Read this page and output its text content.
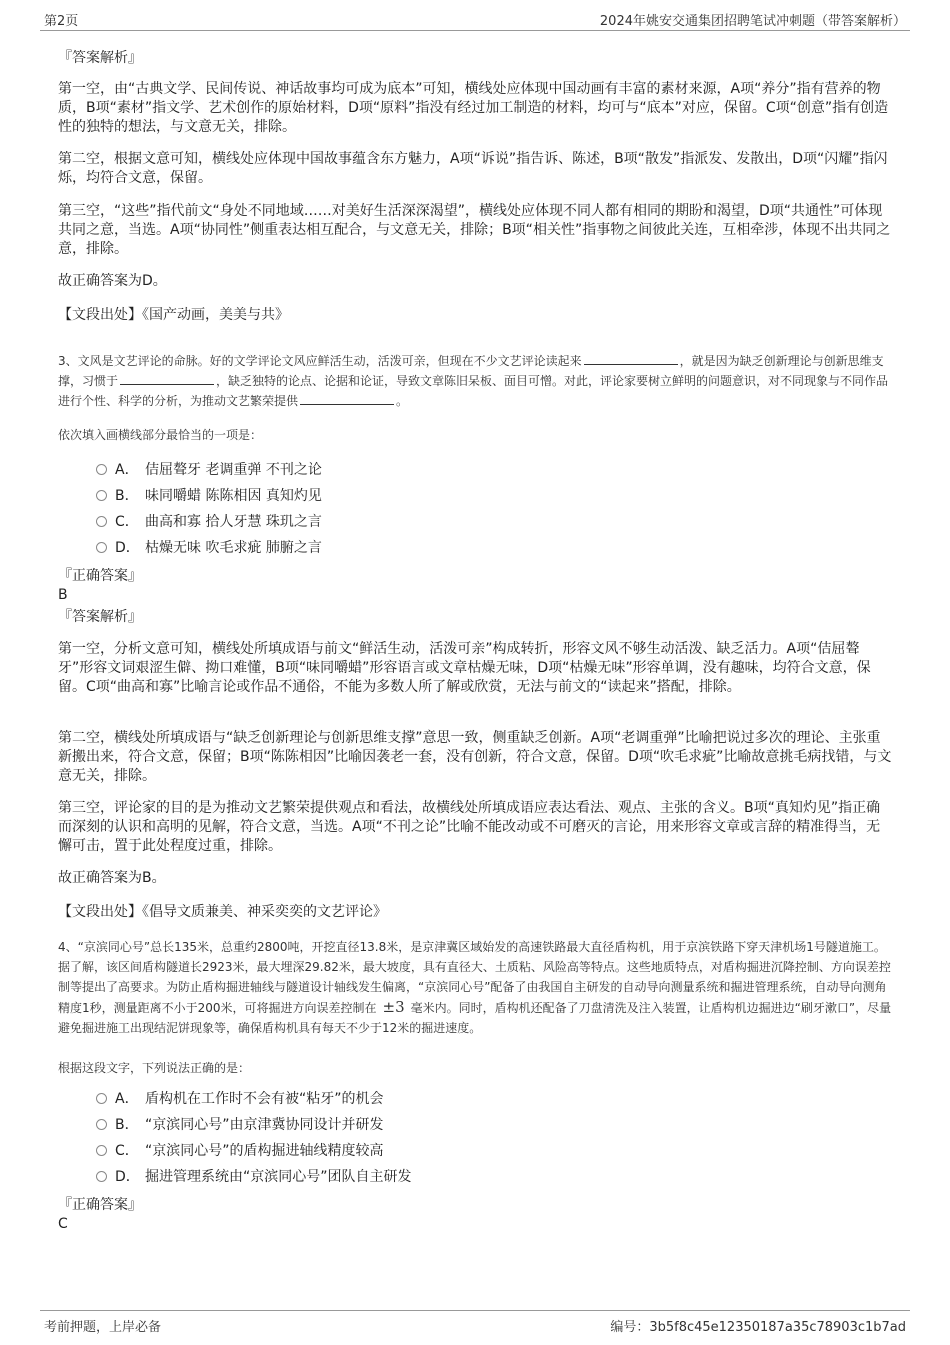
第2页	2024年姚安交通集团招聘笔试冲刺题（带答案解析）
『答案解析』

第一空，由“古典文学、民间传说、神话故事均可成为底本”可知，横线处应体现中国动画有丰富的素材来源，A项“养分”指有营养的物质，B项“素材”指文学、艺术创作的原始材料，D项“原料”指没有经过加工制造的材料，均可与“底本”对应，保留。C项“创意”指有创造性的独特的想法，与文意无关，排除。

第二空，根据文意可知，横线处应体现中国故事蕴含东方魅力，A项“诉说”指告诉、陈述，B项“散发”指派发、发散出，D项“闪耀”指闪烁，均符合文意，保留。

第三空，“这些”指代前文“身处不同地域……对美好生活深深渴望”，横线处应体现不同人都有相同的期盼和渴望，D项“共通性”可体现共同之意，当选。A项“协同性”侧重表达相互配合，与文意无关，排除；B项“相关性”指事物之间彼此关连，互相牵涉，体现不出共同之意，排除。

故正确答案为D。

【文段出处】《国产动画，美美与共》

3、文风是文艺评论的命脉。好的文学评论文风应鲜活生动，活泼可亲，但现在不少文艺评论读起来	，就是因为缺乏创新理论与创新思维支撑，习惯于	，缺乏独特的论点、论据和论证，导致文章陈旧呆板、面目可憎。对此，评论家要树立鲜明的问题意识，对不同现象与不同作品进行个性、科学的分析，为推动文艺繁荣提供	。

依次填入画横线部分最恰当的一项是：

A． 佶屈聱牙 老调重弹 不刊之论
B． 味同嚼蜡 陈陈相因 真知灼见
C． 曲高和寡 拾人牙慧 珠玑之言
D． 枯燥无味 吹毛求疵 肺腑之言
『正确答案』
B
『答案解析』

第一空，分析文意可知，横线处所填成语与前文“鲜活生动，活泼可亲”构成转折，形容文风不够生动活泼、缺乏活力。A项“佶屈聱牙”形容文词艰涩生僻、拗口难懂，B项“味同嚼蜡”形容语言或文章枯燥无味，D项“枯燥无味”形容单调，没有趣味，均符合文意，保留。C项“曲高和寡”比喻言论或作品不通俗，不能为多数人所了解或欣赏，无法与前文的“读起来”搭配，排除。

第二空，横线处所填成语与“缺乏创新理论与创新思维支撑”意思一致，侧重缺乏创新。A项“老调重弹”比喻把说过多次的理论、主张重新搬出来，符合文意，保留；B项“陈陈相因”比喻因袭老一套，没有创新，符合文意，保留。D项“吹毛求疵”比喻故意挑毛病找错，与文意无关，排除。

第三空，评论家的目的是为推动文艺繁荣提供观点和看法，故横线处所填成语应表达看法、观点、主张的含义。B项“真知灼见”指正确而深刻的认识和高明的见解，符合文意，当选。A项“不刊之论”比喻不能改动或不可磨灭的言论，用来形容文章或言辞的精准得当，无懈可击，置于此处程度过重，排除。

故正确答案为B。

【文段出处】《倡导文质兼美、神采奕奕的文艺评论》

4、“京滨同心号”总长135米，总重约2800吨，开挖直径13.8米，是京津冀区域始发的高速铁路最大直径盾构机，用于京滨铁路下穿天津机场1号隧道施工。据了解，该区间盾构隧道长2923米，最大埋深29.82米，最大坡度，具有直径大、土质粘、风险高等特点。这些地质特点，对盾构掘进沉降控制、方向误差控制等提出了高要求。为防止盾构掘进轴线与隧道设计轴线发生偏离，“京滨同心号”配备了由我国自主研发的自动导向测量系统和掘进管理系统，自动导向测角精度1秒，测量距离不小于200米，可将掘进方向误差控制在 ±3 毫米内。同时，盾构机还配备了刀盘清洗及注入装置，让盾构机边掘进边“刷牙漱口”，尽量避免掘进施工出现结泥饼现象等，确保盾构机具有每天不少于12米的掘进速度。

根据这段文字，下列说法正确的是：

A． 盾构机在工作时不会有被“粘牙”的机会
B． “京滨同心号”由京津冀协同设计并研发
C． “京滨同心号”的盾构掘进轴线精度较高
D． 掘进管理系统由“京滨同心号”团队自主研发
『正确答案』
C
考前押题，上岸必备	编号：3b5f8c45e12350187a35c78903c1b7ad
